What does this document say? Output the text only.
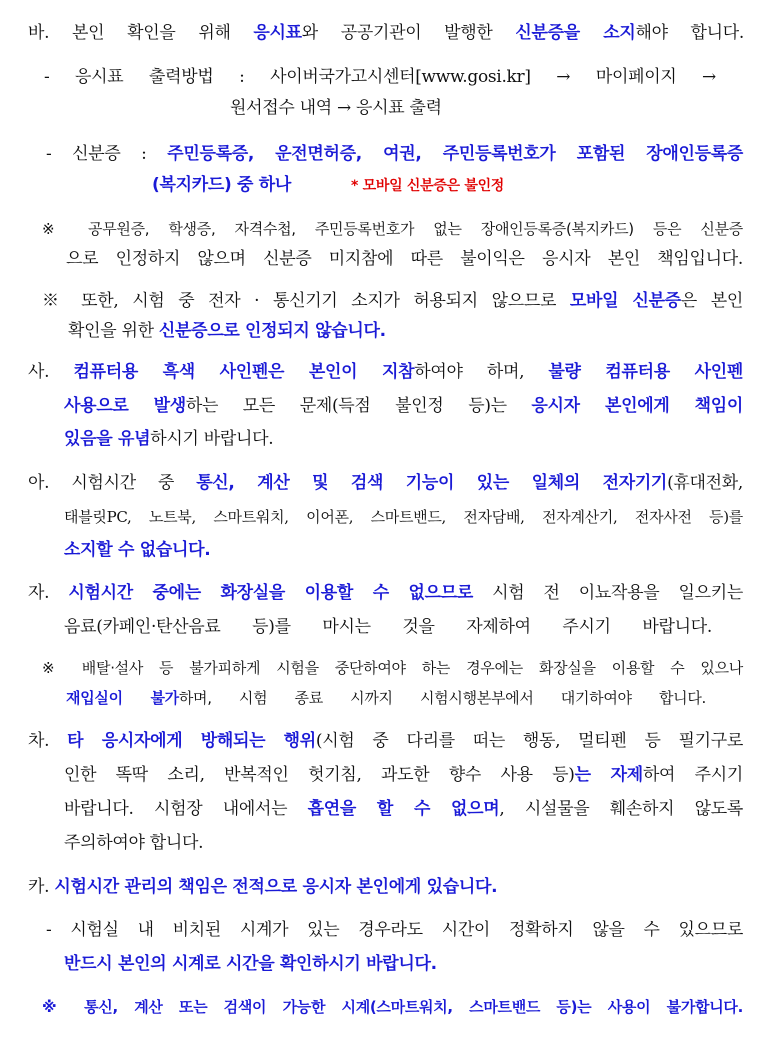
바. 본인 확인을 위해 응시표와 공공기관이 발행한 신분증을 소지해야 합니다.
- 응시표 출력방법 : 사이버국가고시센터[www.gosi.kr] → 마이페이지 →
원서접수 내역 → 응시표 출력
- 신분증 : 주민등록증, 운전면허증, 여권, 주민등록번호가 포함된 장애인등록증
(복지카드) 중 하나	* 모바일 신분증은 불인정
※ 공무원증, 학생증, 자격수첩, 주민등록번호가 없는 장애인등록증(복지카드) 등은 신분증
으로 인정하지 않으며 신분증 미지참에 따른 불이익은 응시자 본인 책임입니다.
※ 또한, 시험 중 전자 · 통신기기 소지가 허용되지 않으므로 모바일 신분증은 본인
확인을 위한 신분증으로 인정되지 않습니다.
사. 컴퓨터용 흑색 사인펜은 본인이 지참하여야 하며, 불량 컴퓨터용 사인펜
사용으로 발생하는 모든 문제(득점 불인정 등)는 응시자 본인에게 책임이
있음을 유념하시기 바랍니다.
아. 시험시간 중 통신, 계산 및 검색 기능이 있는 일체의 전자기기(휴대전화,
태블릿PC, 노트북, 스마트워치, 이어폰, 스마트밴드, 전자담배, 전자계산기, 전자사전 등)를
소지할 수 없습니다.
자. 시험시간 중에는 화장실을 이용할 수 없으므로 시험 전 이뇨작용을 일으키는
음료(카페인·탄산음료 등)를 마시는 것을 자제하여 주시기 바랍니다.
※ 배탈·설사 등 불가피하게 시험을 중단하여야 하는 경우에는 화장실을 이용할 수 있으나
재입실이 불가하며, 시험 종료 시까지 시험시행본부에서 대기하여야 합니다.
차. 타 응시자에게 방해되는 행위(시험 중 다리를 떠는 행동, 멀티펜 등 필기구로
인한 똑딱 소리, 반복적인 헛기침, 과도한 향수 사용 등)는 자제하여 주시기
바랍니다. 시험장 내에서는 흡연을 할 수 없으며, 시설물을 훼손하지 않도록
주의하여야 합니다.
카. 시험시간 관리의 책임은 전적으로 응시자 본인에게 있습니다.
- 시험실 내 비치된 시계가 있는 경우라도 시간이 정확하지 않을 수 있으므로
반드시 본인의 시계로 시간을 확인하시기 바랍니다.
※ 통신, 계산 또는 검색이 가능한 시계(스마트워치, 스마트밴드 등)는 사용이 불가합니다.
